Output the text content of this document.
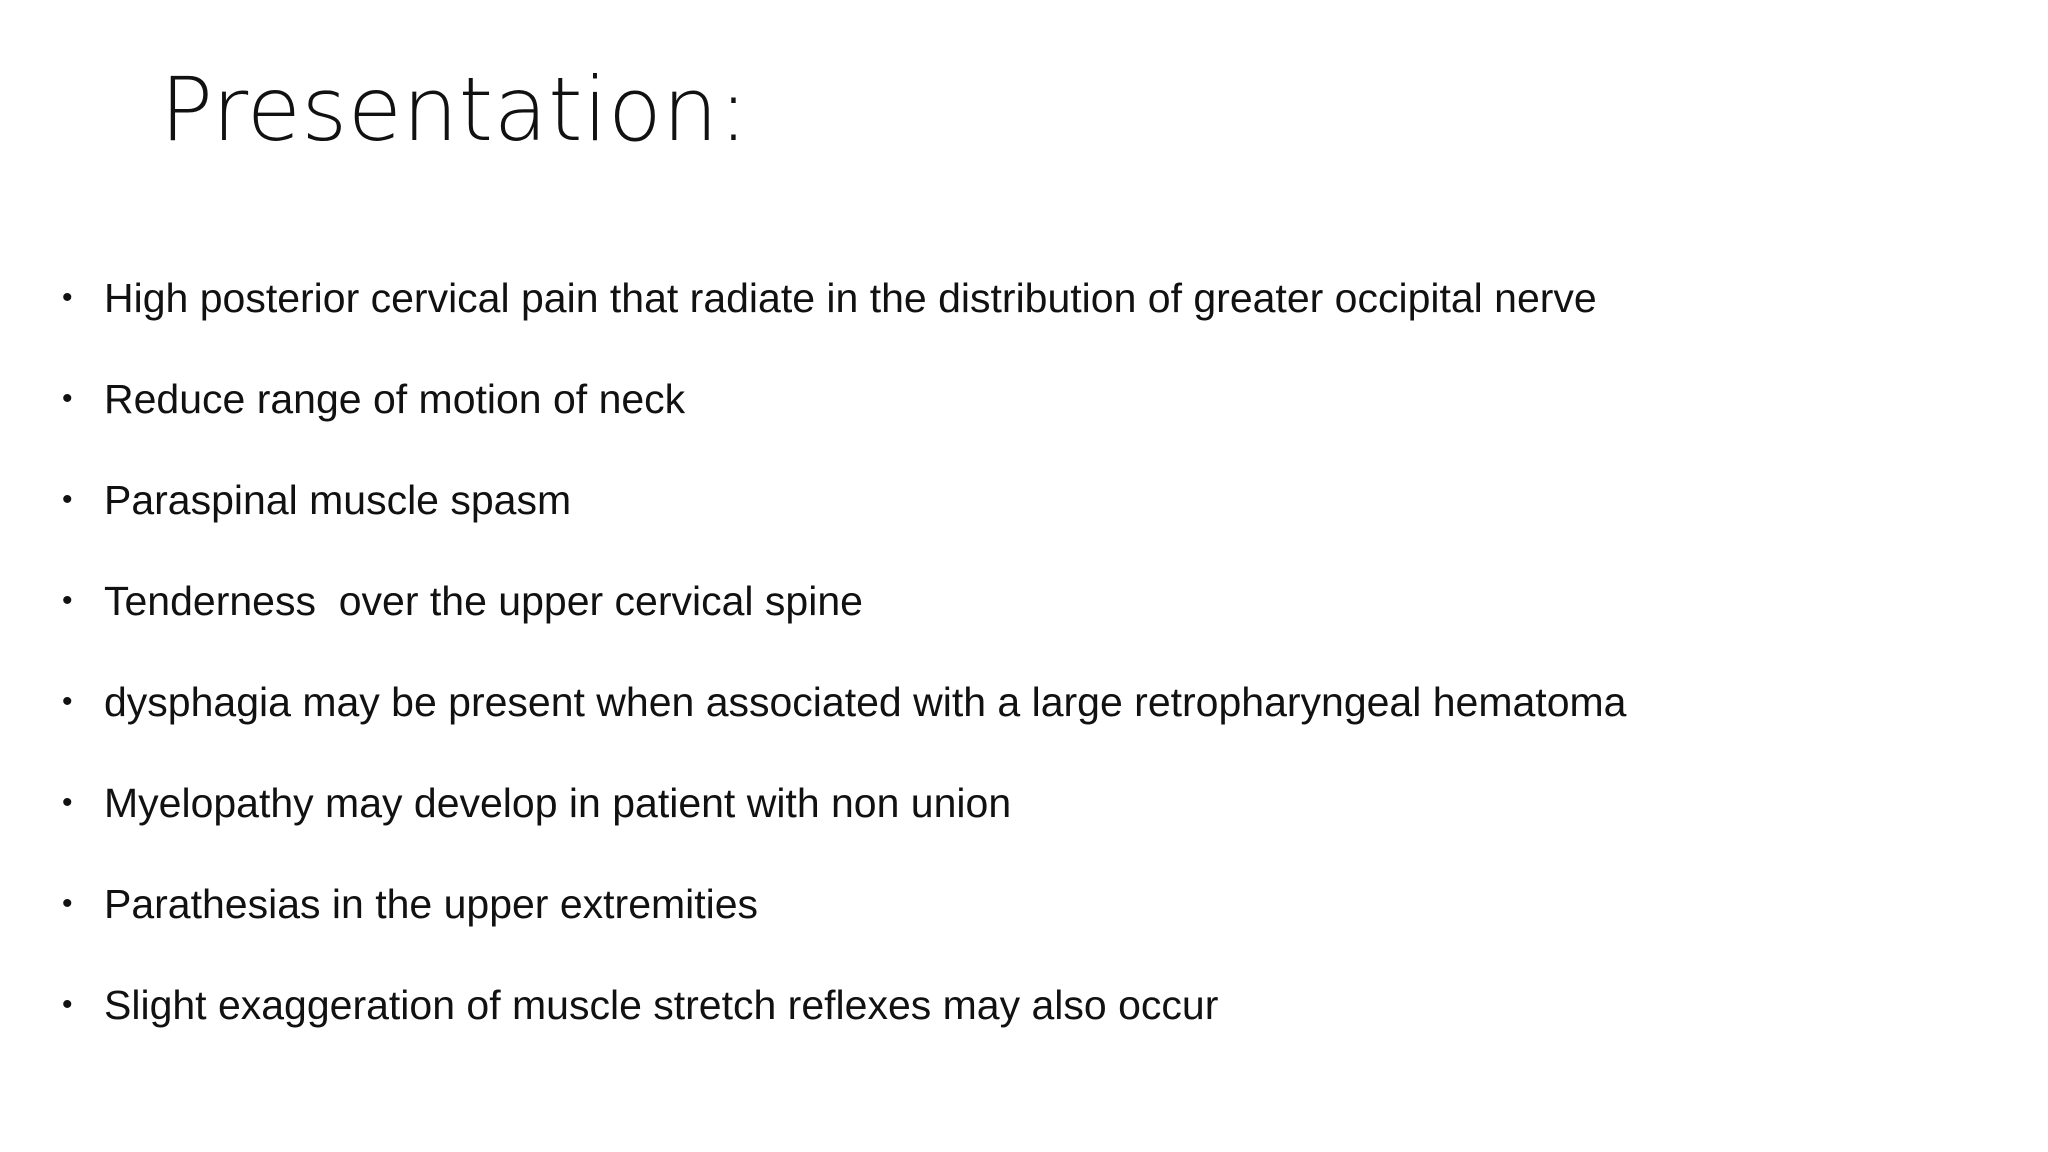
Presentation:
• High posterior cervical pain that radiate in the distribution of greater occipital nerve
• Reduce range of motion of neck
• Paraspinal muscle spasm
• Tenderness  over the upper cervical spine
• dysphagia may be present when associated with a large retropharyngeal hematoma
• Myelopathy may develop in patient with non union
• Parathesias in the upper extremities
• Slight exaggeration of muscle stretch reflexes may also occur
